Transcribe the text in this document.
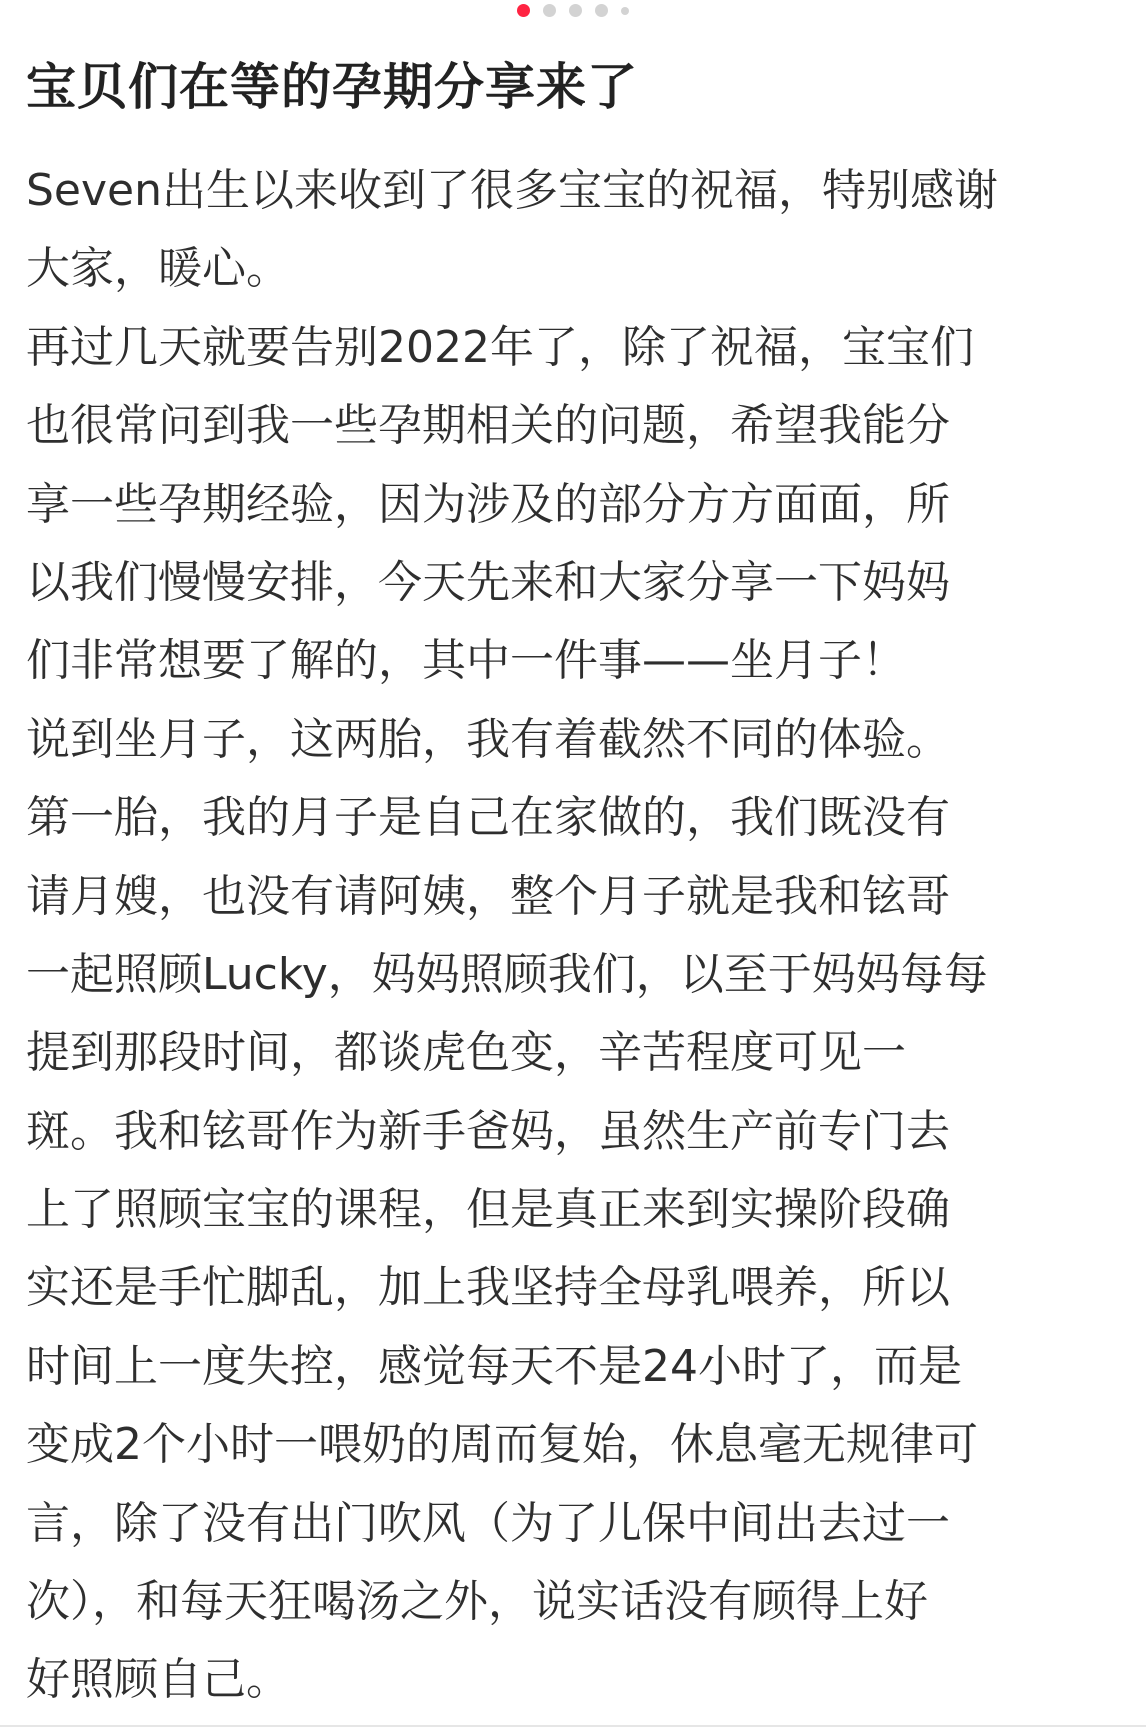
宝贝们在等的孕期分享来了
Seven出生以来收到了很多宝宝的祝福，特别感谢
大家，暖心。
再过几天就要告别2022年了，除了祝福，宝宝们
也很常问到我一些孕期相关的问题，希望我能分
享一些孕期经验，因为涉及的部分方方面面，所
以我们慢慢安排，今天先来和大家分享一下妈妈
们非常想要了解的，其中一件事——坐月子！
说到坐月子，这两胎，我有着截然不同的体验。
第一胎，我的月子是自己在家做的，我们既没有
请月嫂，也没有请阿姨，整个月子就是我和铉哥
一起照顾Lucky，妈妈照顾我们，以至于妈妈每每
提到那段时间，都谈虎色变，辛苦程度可见一
斑。我和铉哥作为新手爸妈，虽然生产前专门去
上了照顾宝宝的课程，但是真正来到实操阶段确
实还是手忙脚乱，加上我坚持全母乳喂养，所以
时间上一度失控，感觉每天不是24小时了，而是
变成2个小时一喂奶的周而复始，休息毫无规律可
言，除了没有出门吹风（为了儿保中间出去过一
次），和每天狂喝汤之外，说实话没有顾得上好
好照顾自己。
